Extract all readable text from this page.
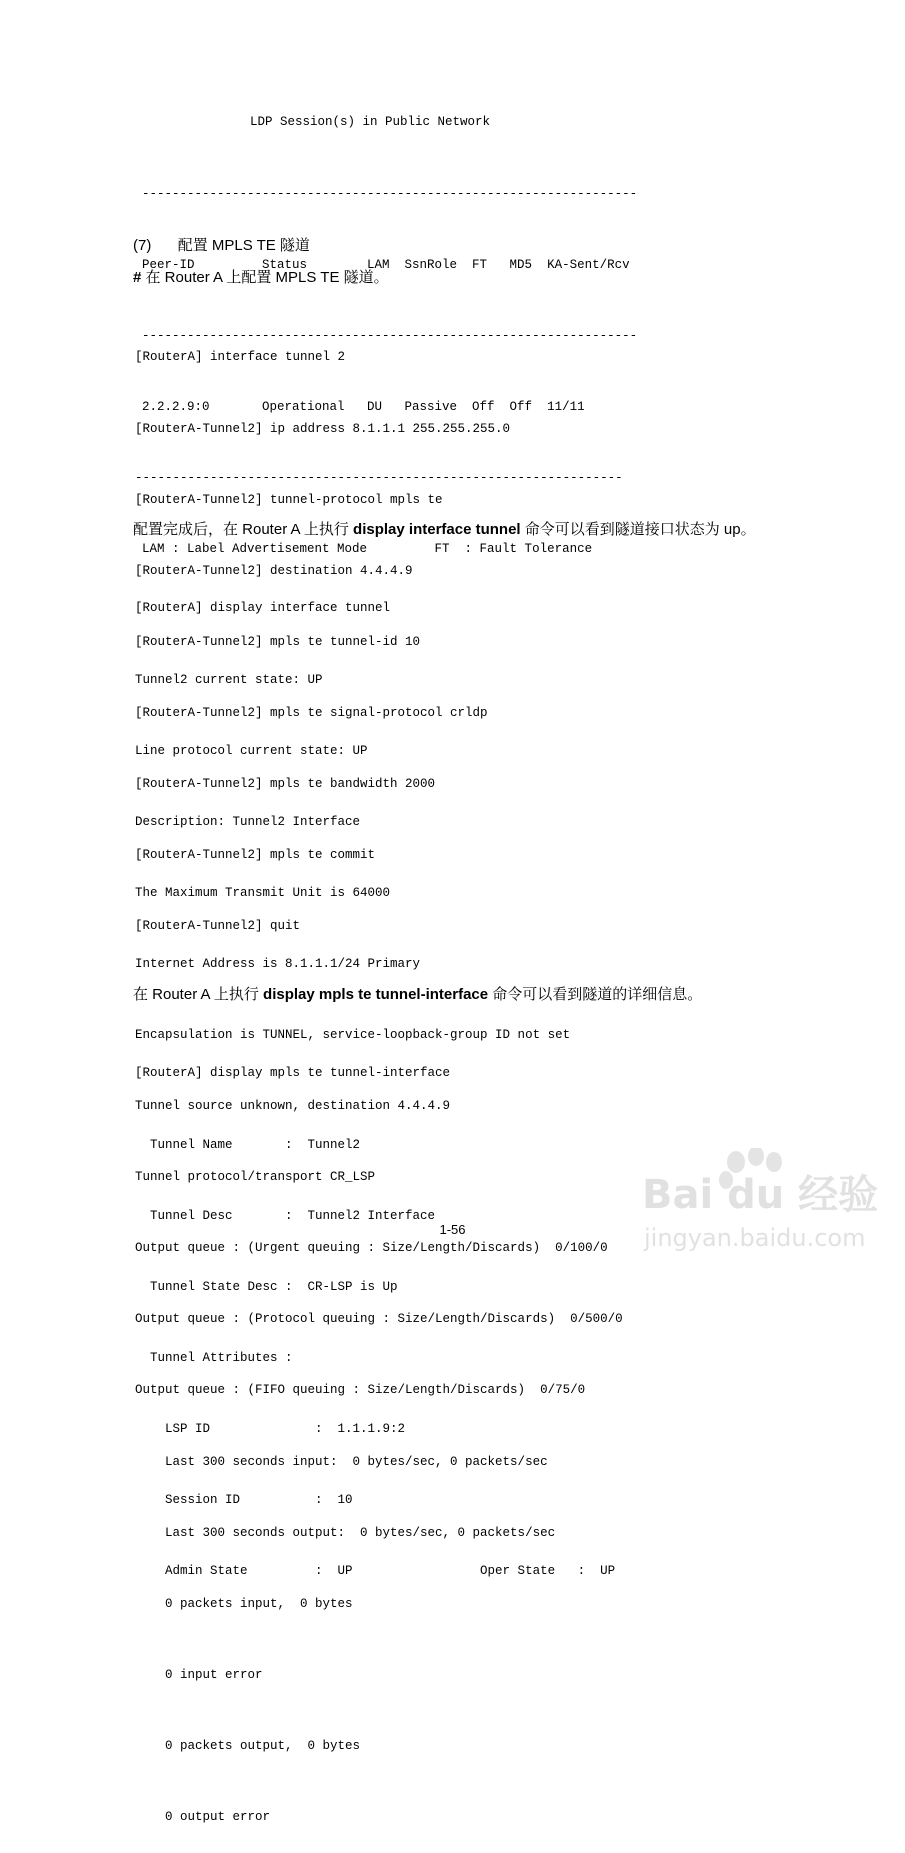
LDP Session(s) in Public Network

------------------------------------------------------------------

Peer-ID         Status        LAM  SsnRole  FT   MD5  KA-Sent/Rcv

------------------------------------------------------------------

2.2.2.9:0       Operational   DU   Passive  Off  Off  11/11

-----------------------------------------------------------------

LAM : Label Advertisement Mode         FT  : Fault Tolerance

(7) 配置 MPLS TE 隧道
# 在 Router A 上配置 MPLS TE 隧道。

[RouterA] interface tunnel 2

[RouterA-Tunnel2] ip address 8.1.1.1 255.255.255.0

[RouterA-Tunnel2] tunnel-protocol mpls te

[RouterA-Tunnel2] destination 4.4.4.9

[RouterA-Tunnel2] mpls te tunnel-id 10

[RouterA-Tunnel2] mpls te signal-protocol crldp

[RouterA-Tunnel2] mpls te bandwidth 2000

[RouterA-Tunnel2] mpls te commit

[RouterA-Tunnel2] quit

配置完成后，在 Router A 上执行 display interface tunnel 命令可以看到隧道接口状态为 up。

[RouterA] display interface tunnel

Tunnel2 current state: UP

Line protocol current state: UP

Description: Tunnel2 Interface

The Maximum Transmit Unit is 64000

Internet Address is 8.1.1.1/24 Primary

Encapsulation is TUNNEL, service-loopback-group ID not set

Tunnel source unknown, destination 4.4.4.9

Tunnel protocol/transport CR_LSP

Output queue : (Urgent queuing : Size/Length/Discards)  0/100/0

Output queue : (Protocol queuing : Size/Length/Discards)  0/500/0

Output queue : (FIFO queuing : Size/Length/Discards)  0/75/0

Last 300 seconds input:  0 bytes/sec, 0 packets/sec

Last 300 seconds output:  0 bytes/sec, 0 packets/sec

0 packets input,  0 bytes

0 input error

0 packets output,  0 bytes

0 output error

在 Router A 上执行 display mpls te tunnel-interface 命令可以看到隧道的详细信息。

[RouterA] display mpls te tunnel-interface

Tunnel Name       :  Tunnel2

Tunnel Desc       :  Tunnel2 Interface

Tunnel State Desc :  CR-LSP is Up

Tunnel Attributes :

LSP ID              :  1.1.1.9:2

Session ID          :  10

Admin State         :  UP                 Oper State   :  UP

1-56
Bai du 经验
jingyan.baidu.com
